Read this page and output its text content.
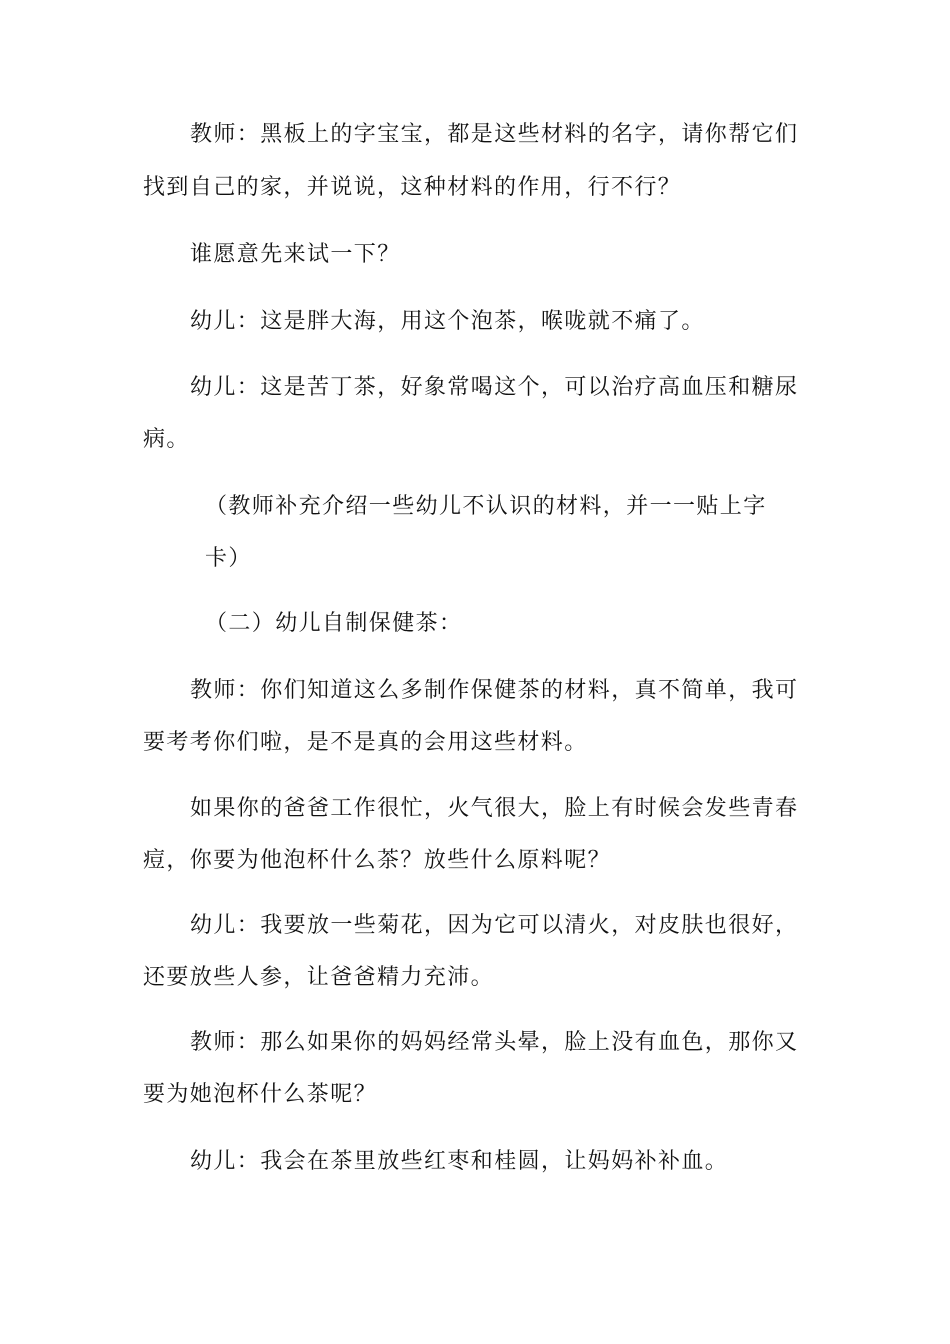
教师：黑板上的字宝宝，都是这些材料的名字，请你帮它们
找到自己的家，并说说，这种材料的作用，行不行？
谁愿意先来试一下？
幼儿：这是胖大海，用这个泡茶，喉咙就不痛了。
幼儿：这是苦丁茶，好象常喝这个，可以治疗高血压和糖尿
病。
（教师补充介绍一些幼儿不认识的材料，并一一贴上字
卡）
（二）幼儿自制保健茶：
教师：你们知道这么多制作保健茶的材料，真不简单，我可
要考考你们啦，是不是真的会用这些材料。
如果你的爸爸工作很忙，火气很大，脸上有时候会发些青春
痘，你要为他泡杯什么茶？放些什么原料呢？
幼儿：我要放一些菊花，因为它可以清火，对皮肤也很好，
还要放些人参，让爸爸精力充沛。
教师：那么如果你的妈妈经常头晕，脸上没有血色，那你又
要为她泡杯什么茶呢？
幼儿：我会在茶里放些红枣和桂圆，让妈妈补补血。
